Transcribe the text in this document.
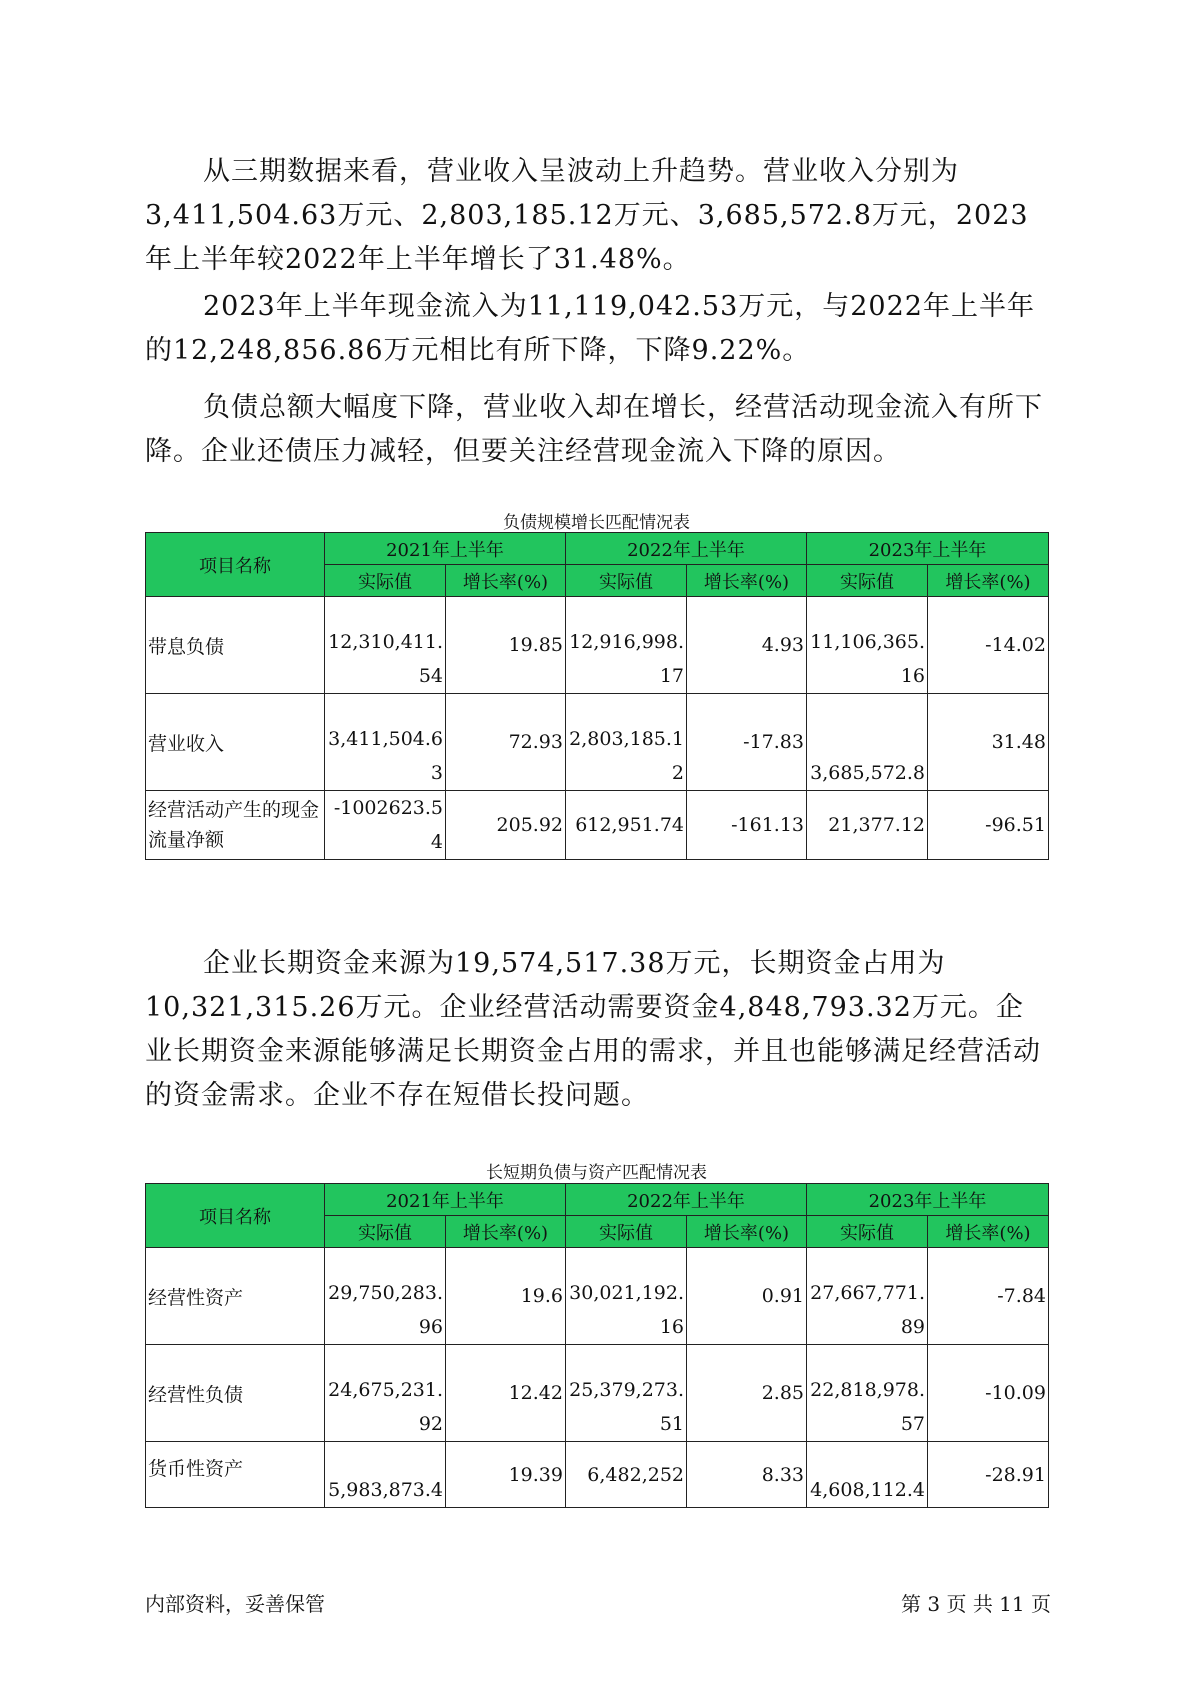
从三期数据来看，营业收入呈波动上升趋势。营业收入分别为3,411,504.63万元、2,803,185.12万元、3,685,572.8万元，2023年上半年较2022年上半年增长了31.48%。

2023年上半年现金流入为11,119,042.53万元，与2022年上半年的12,248,856.86万元相比有所下降，下降9.22%。

负债总额大幅度下降，营业收入却在增长，经营活动现金流入有所下降。企业还债压力减轻，但要关注经营现金流入下降的原因。

负债规模增长匹配情况表

项目名称	2021年上半年		2022年上半年		2023年上半年	
	实际值	增长率(%)	实际值	增长率(%)	实际值	增长率(%)
带息负债	12,310,411.54	19.85	12,916,998.17	4.93	11,106,365.16	-14.02
营业收入	3,411,504.63	72.93	2,803,185.12	-17.83	3,685,572.8	31.48
经营活动产生的现金流量净额	-1002623.54	205.92	612,951.74	-161.13	21,377.12	-96.51

企业长期资金来源为19,574,517.38万元，长期资金占用为10,321,315.26万元。企业经营活动需要资金4,848,793.32万元。企业长期资金来源能够满足长期资金占用的需求，并且也能够满足经营活动的资金需求。企业不存在短借长投问题。

长短期负债与资产匹配情况表

项目名称	2021年上半年		2022年上半年		2023年上半年	
	实际值	增长率(%)	实际值	增长率(%)	实际值	增长率(%)
经营性资产	29,750,283.96	19.6	30,021,192.16	0.91	27,667,771.89	-7.84
经营性负债	24,675,231.92	12.42	25,379,273.51	2.85	22,818,978.57	-10.09
货币性资产	5,983,873.4	19.39	6,482,252	8.33	4,608,112.4	-28.91

内部资料，妥善保管	第 3 页 共 11 页
